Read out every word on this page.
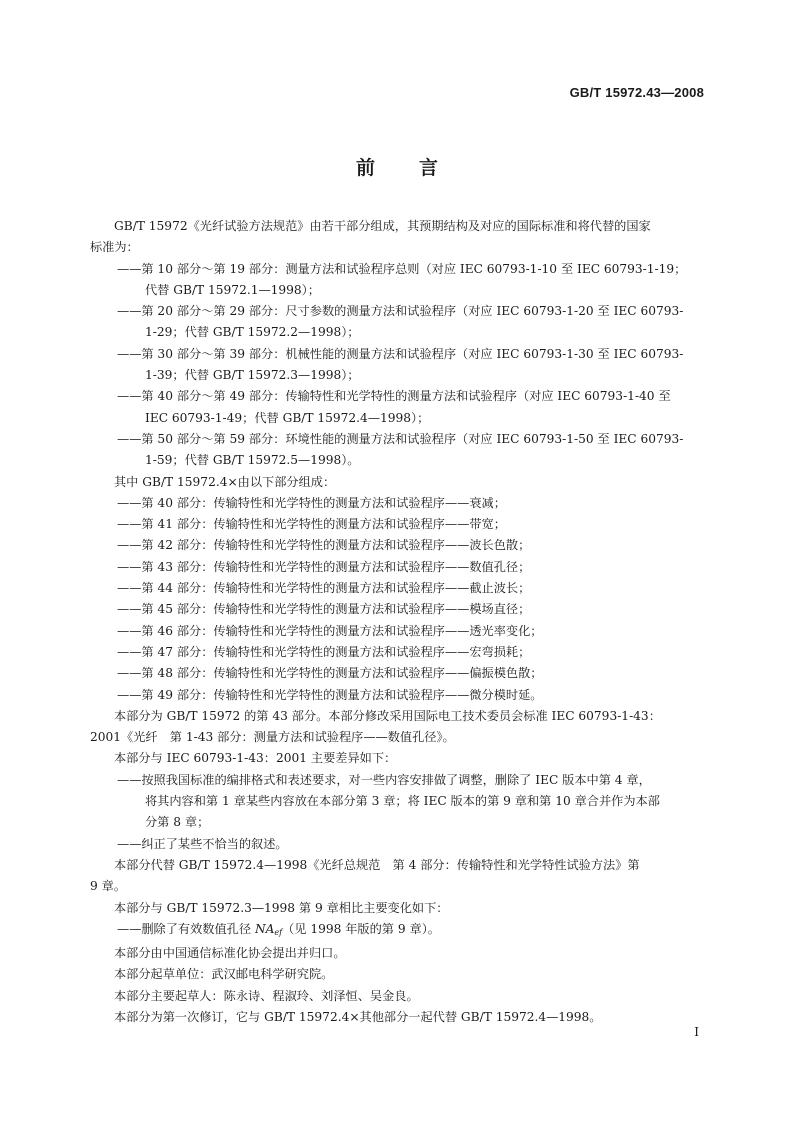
GB/T 15972.43—2008
前言

GB/T 15972《光纤试验方法规范》由若干部分组成，其预期结构及对应的国际标准和将代替的国家

标准为：

——第 10 部分～第 19 部分：测量方法和试验程序总则（对应 IEC 60793-1-10 至 IEC 60793-1-19；
代替 GB/T 15972.1—1998）；

——第 20 部分～第 29 部分：尺寸参数的测量方法和试验程序（对应 IEC 60793-1-20 至 IEC 60793-
1-29；代替 GB/T 15972.2—1998）；

——第 30 部分～第 39 部分：机械性能的测量方法和试验程序（对应 IEC 60793-1-30 至 IEC 60793-
1-39；代替 GB/T 15972.3—1998）；

——第 40 部分～第 49 部分：传输特性和光学特性的测量方法和试验程序（对应 IEC 60793-1-40 至
IEC 60793-1-49；代替 GB/T 15972.4—1998）；

——第 50 部分～第 59 部分：环境性能的测量方法和试验程序（对应 IEC 60793-1-50 至 IEC 60793-
1-59；代替 GB/T 15972.5—1998）。

其中 GB/T 15972.4×由以下部分组成：

——第 40 部分：传输特性和光学特性的测量方法和试验程序——衰减；

——第 41 部分：传输特性和光学特性的测量方法和试验程序——带宽；

——第 42 部分：传输特性和光学特性的测量方法和试验程序——波长色散；

——第 43 部分：传输特性和光学特性的测量方法和试验程序——数值孔径；

——第 44 部分：传输特性和光学特性的测量方法和试验程序——截止波长；

——第 45 部分：传输特性和光学特性的测量方法和试验程序——模场直径；

——第 46 部分：传输特性和光学特性的测量方法和试验程序——透光率变化；

——第 47 部分：传输特性和光学特性的测量方法和试验程序——宏弯损耗；

——第 48 部分：传输特性和光学特性的测量方法和试验程序——偏振模色散；

——第 49 部分：传输特性和光学特性的测量方法和试验程序——微分模时延。

本部分为 GB/T 15972 的第 43 部分。本部分修改采用国际电工技术委员会标准 IEC 60793-1-43：

2001《光纤　第 1-43 部分：测量方法和试验程序——数值孔径》。

本部分与 IEC 60793-1-43：2001 主要差异如下：

——按照我国标准的编排格式和表述要求，对一些内容安排做了调整，删除了 IEC 版本中第 4 章，
将其内容和第 1 章某些内容放在本部分第 3 章；将 IEC 版本的第 9 章和第 10 章合并作为本部
分第 8 章；

——纠正了某些不恰当的叙述。

本部分代替 GB/T 15972.4—1998《光纤总规范　第 4 部分：传输特性和光学特性试验方法》第

9 章。

本部分与 GB/T 15972.3—1998 第 9 章相比主要变化如下：

——删除了有效数值孔径 $NA_{ef}$（见 1998 年版的第 9 章）。

本部分由中国通信标准化协会提出并归口。

本部分起草单位：武汉邮电科学研究院。

本部分主要起草人：陈永诗、程淑玲、刘泽恒、吴金良。

本部分为第一次修订，它与 GB/T 15972.4×其他部分一起代替 GB/T 15972.4—1998。

I
